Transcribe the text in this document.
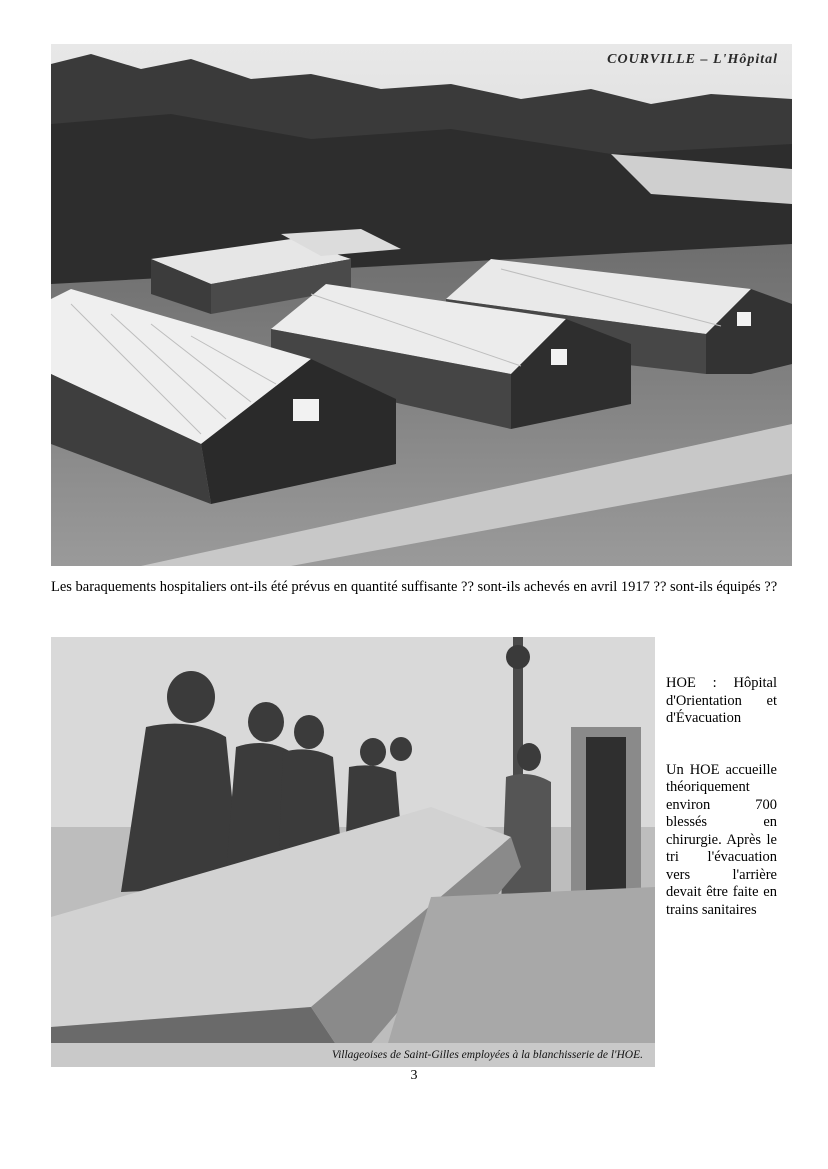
COURVILLE – L'Hôpital
Les baraquements hospitaliers ont-ils été prévus en quantité suffisante ?? sont-ils achevés en avril 1917 ?? sont-ils équipés ??
Villageoises de Saint-Gilles employées à la blanchisserie de l'HOE.

HOE : Hôpital d'Orientation et d'Évacuation

Un HOE accueille théoriquement environ 700 blessés en chirurgie. Après le tri l'évacuation vers l'arrière devait être faite en trains sanitaires

3
